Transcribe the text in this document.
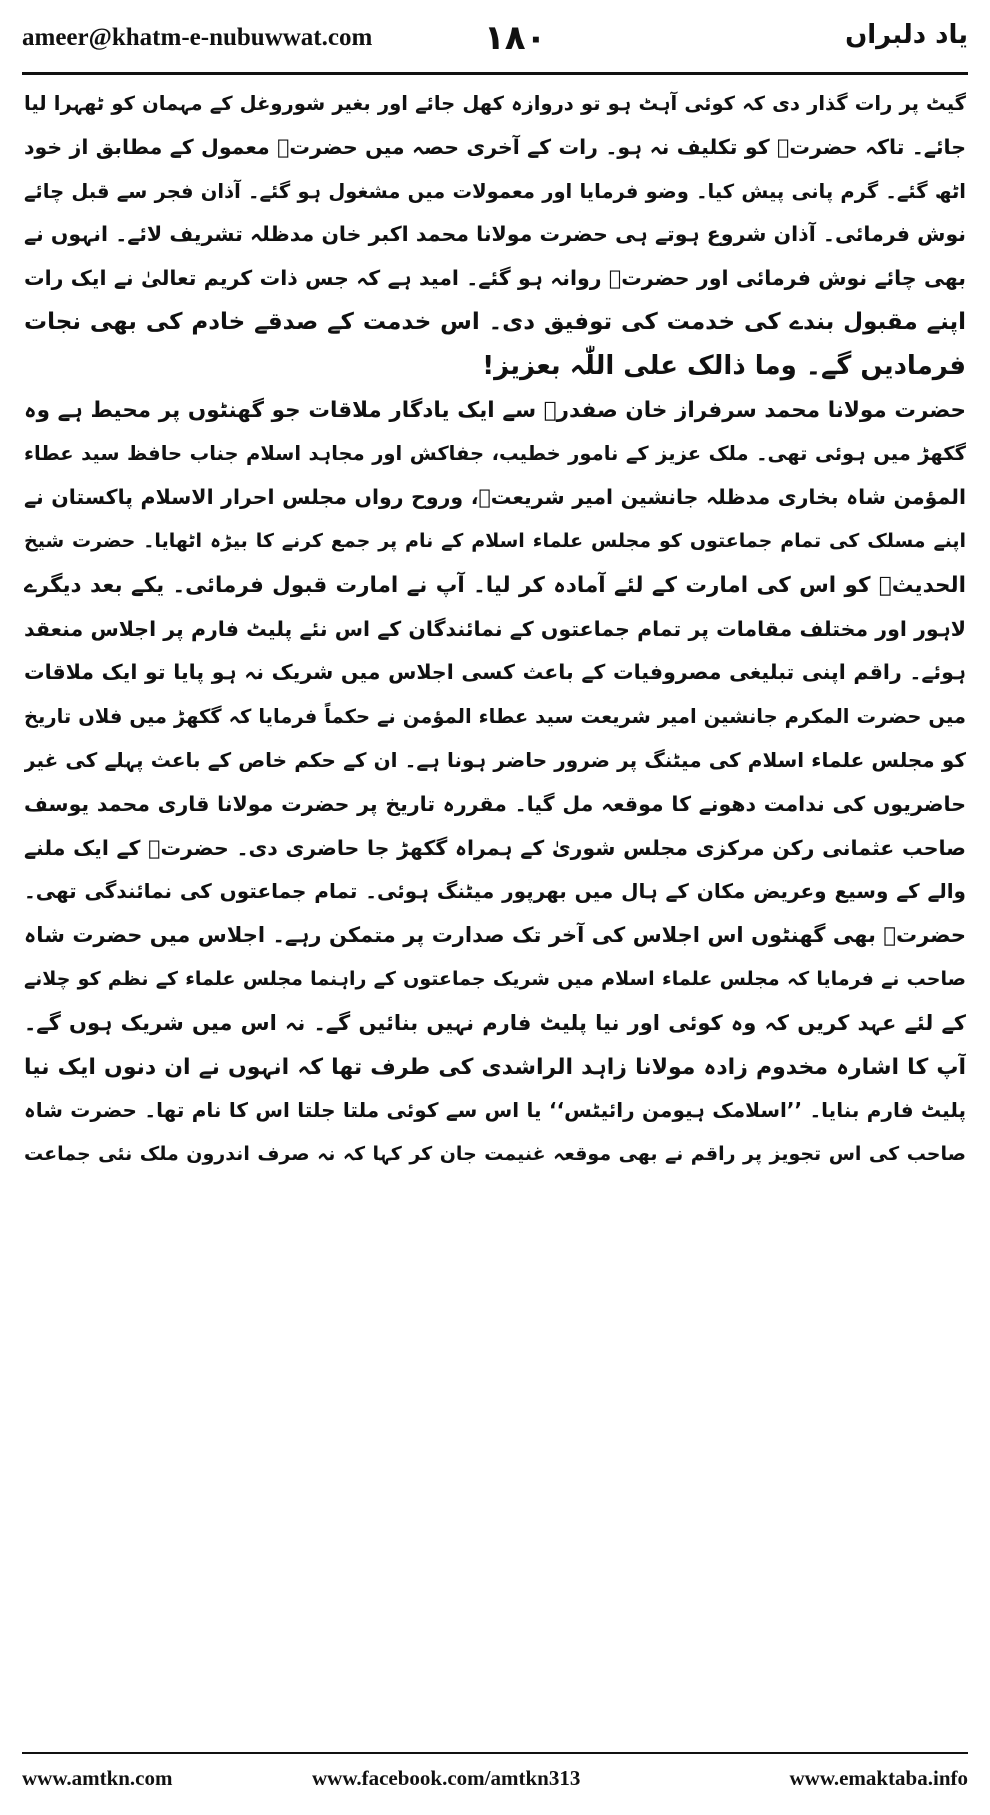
ameer@khatm-e-nubuwwat.com	۱۸۰	یاد دلبراں
گیٹ پر رات گذار دی کہ کوئی آہٹ ہو تو دروازہ کھل جائے اور بغیر شوروغل کے مہمان کو ٹھہرا لیا
جائے۔ تاکہ حضرتؒ کو تکلیف نہ ہو۔ رات کے آخری حصہ میں حضرتؒ معمول کے مطابق از خود
اٹھ گئے۔ گرم پانی پیش کیا۔ وضو فرمایا اور معمولات میں مشغول ہو گئے۔ آذان فجر سے قبل چائے
نوش فرمائی۔ آذان شروع ہوتے ہی حضرت مولانا محمد اکبر خان مدظلہ تشریف لائے۔ انہوں نے
بھی چائے نوش فرمائی اور حضرتؒ روانہ ہو گئے۔ امید ہے کہ جس ذات کریم تعالیٰ نے ایک رات
اپنے مقبول بندے کی خدمت کی توفیق دی۔ اس خدمت کے صدقے خادم کی بھی نجات
فرمادیں گے۔ وما ذالک علی اللّٰہ بعزیز!
حضرت مولانا محمد سرفراز خان صفدرؒ سے ایک یادگار ملاقات جو گھنٹوں پر محیط ہے وہ
گکھڑ میں ہوئی تھی۔ ملک عزیز کے نامور خطیب، جفاکش اور مجاہد اسلام جناب حافظ سید عطاء
المؤمن شاہ بخاری مدظلہ جانشین امیر شریعتؒ، وروح رواں مجلس احرار الاسلام پاکستان نے
اپنے مسلک کی تمام جماعتوں کو مجلس علماء اسلام کے نام پر جمع کرنے کا بیڑہ اٹھایا۔ حضرت شیخ
الحدیثؒ کو اس کی امارت کے لئے آمادہ کر لیا۔ آپ نے امارت قبول فرمائی۔ یکے بعد دیگرے
لاہور اور مختلف مقامات پر تمام جماعتوں کے نمائندگان کے اس نئے پلیٹ فارم پر اجلاس منعقد
ہوئے۔ راقم اپنی تبلیغی مصروفیات کے باعث کسی اجلاس میں شریک نہ ہو پایا تو ایک ملاقات
میں حضرت المکرم جانشین امیر شریعت سید عطاء المؤمن نے حکماً فرمایا کہ گکھڑ میں فلاں تاریخ
کو مجلس علماء اسلام کی میٹنگ پر ضرور حاضر ہونا ہے۔ ان کے حکم خاص کے باعث پہلے کی غیر
حاضریوں کی ندامت دھونے کا موقعہ مل گیا۔ مقررہ تاریخ پر حضرت مولانا قاری محمد یوسف
صاحب عثمانی رکن مرکزی مجلس شوریٰ کے ہمراہ گکھڑ جا حاضری دی۔ حضرتؒ کے ایک ملنے
والے کے وسیع وعریض مکان کے ہال میں بھرپور میٹنگ ہوئی۔ تمام جماعتوں کی نمائندگی تھی۔
حضرتؒ بھی گھنٹوں اس اجلاس کی آخر تک صدارت پر متمکن رہے۔ اجلاس میں حضرت شاہ
صاحب نے فرمایا کہ مجلس علماء اسلام میں شریک جماعتوں کے راہنما مجلس علماء کے نظم کو چلانے
کے لئے عہد کریں کہ وہ کوئی اور نیا پلیٹ فارم نہیں بنائیں گے۔ نہ اس میں شریک ہوں گے۔
آپ کا اشارہ مخدوم زادہ مولانا زاہد الراشدی کی طرف تھا کہ انہوں نے ان دنوں ایک نیا
پلیٹ فارم بنایا۔ ’’اسلامک ہیومن رائیٹس‘‘ یا اس سے کوئی ملتا جلتا اس کا نام تھا۔ حضرت شاہ
صاحب کی اس تجویز پر راقم نے بھی موقعہ غنیمت جان کر کہا کہ نہ صرف اندرون ملک نئی جماعت
www.amtkn.com	www.facebook.com/amtkn313	www.emaktaba.info
